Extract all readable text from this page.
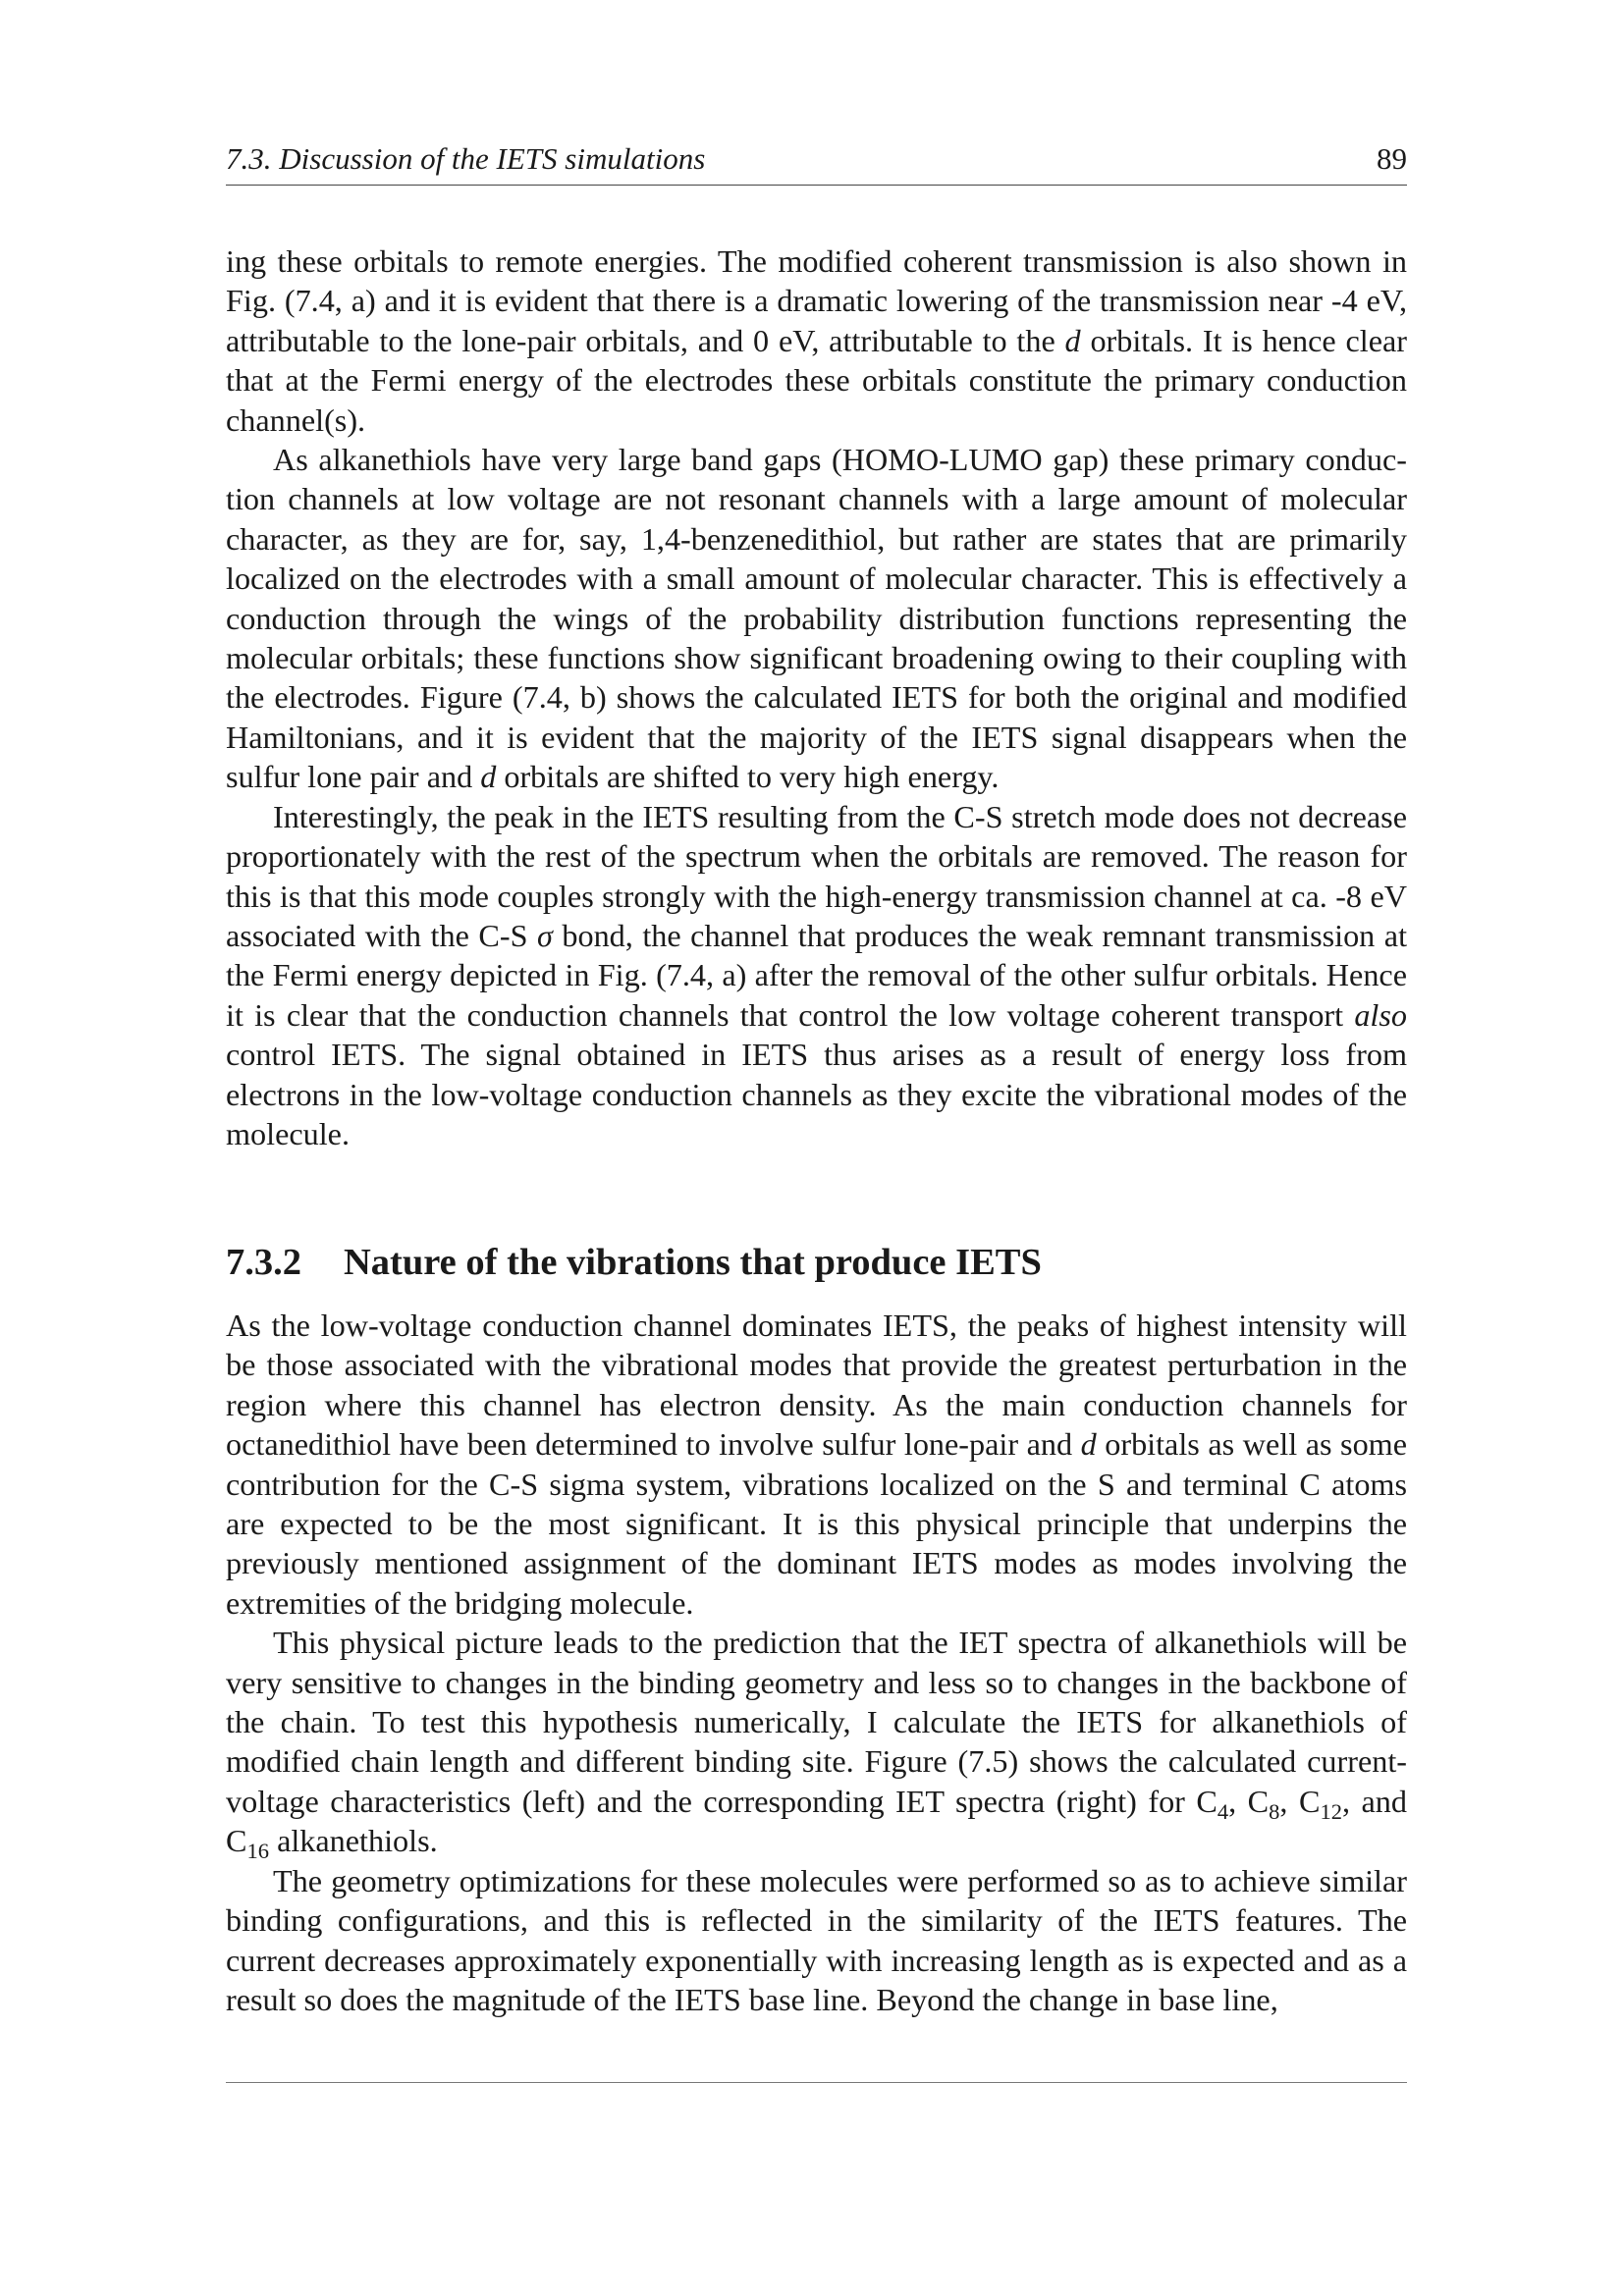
7.3. Discussion of the IETS simulations	89

ing these orbitals to remote energies. The modified coherent transmission is also shown in Fig. (7.4, a) and it is evident that there is a dramatic lowering of the transmission near -4 eV, attributable to the lone-pair orbitals, and 0 eV, attributable to the d orbitals. It is hence clear that at the Fermi energy of the electrodes these orbitals constitute the primary conduction channel(s).

As alkanethiols have very large band gaps (HOMO-LUMO gap) these primary conduction channels at low voltage are not resonant channels with a large amount of molecular character, as they are for, say, 1,4-benzenedithiol, but rather are states that are primarily localized on the electrodes with a small amount of molecular character. This is effectively a conduction through the wings of the probability distribution functions representing the molecular orbitals; these functions show significant broadening owing to their coupling with the electrodes. Figure (7.4, b) shows the calculated IETS for both the original and modified Hamiltonians, and it is evident that the majority of the IETS signal disappears when the sulfur lone pair and d orbitals are shifted to very high energy.

Interestingly, the peak in the IETS resulting from the C-S stretch mode does not decrease proportionately with the rest of the spectrum when the orbitals are removed. The reason for this is that this mode couples strongly with the high-energy transmission channel at ca. -8 eV associated with the C-S σ bond, the channel that produces the weak remnant transmission at the Fermi energy depicted in Fig. (7.4, a) after the removal of the other sulfur orbitals. Hence it is clear that the conduction channels that control the low voltage coherent transport also control IETS. The signal obtained in IETS thus arises as a result of energy loss from electrons in the low-voltage conduction channels as they excite the vibrational modes of the molecule.

7.3.2 Nature of the vibrations that produce IETS

As the low-voltage conduction channel dominates IETS, the peaks of highest intensity will be those associated with the vibrational modes that provide the greatest perturbation in the region where this channel has electron density. As the main conduction channels for octanedithiol have been determined to involve sulfur lone-pair and d orbitals as well as some contribution for the C-S sigma system, vibrations localized on the S and terminal C atoms are expected to be the most significant. It is this physical principle that underpins the previously mentioned assignment of the dominant IETS modes as modes involving the extremities of the bridging molecule.

This physical picture leads to the prediction that the IET spectra of alkanethiols will be very sensitive to changes in the binding geometry and less so to changes in the backbone of the chain. To test this hypothesis numerically, I calculate the IETS for alkanethiols of modified chain length and different binding site. Figure (7.5) shows the calculated current-voltage characteristics (left) and the corresponding IET spectra (right) for $C_4$, $C_8$, $C_{12}$, and $C_{16}$ alkanethiols.

The geometry optimizations for these molecules were performed so as to achieve similar binding configurations, and this is reflected in the similarity of the IETS features. The current decreases approximately exponentially with increasing length as is expected and as a result so does the magnitude of the IETS base line. Beyond the change in base line,
